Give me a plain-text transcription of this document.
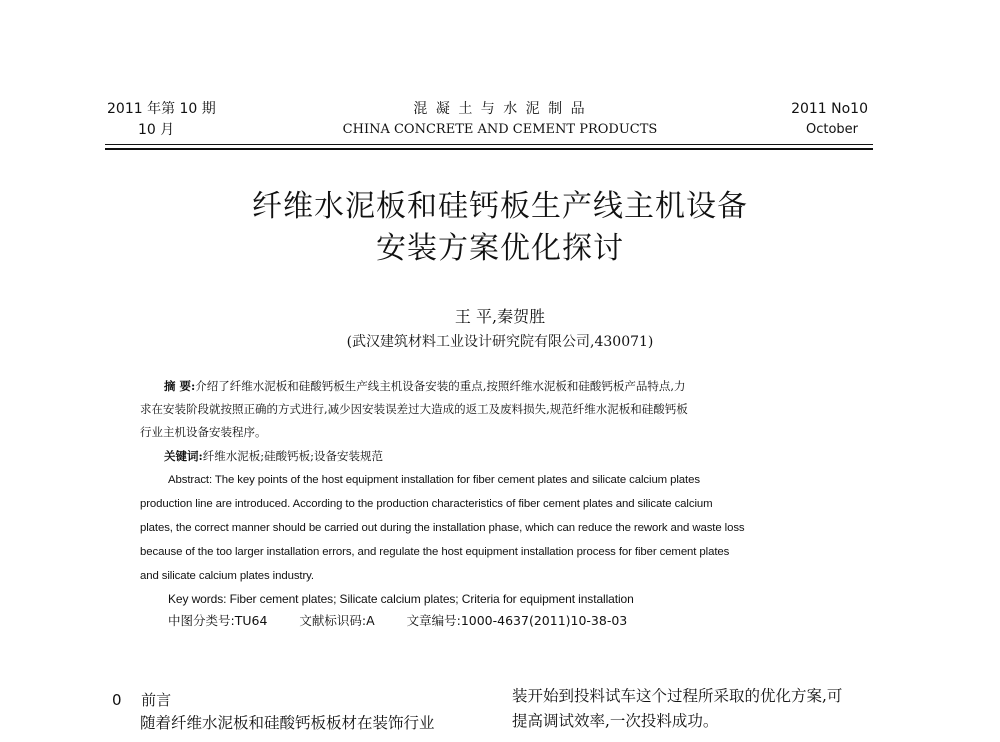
2011 年第 10 期
10 月
混 凝 土 与 水 泥 制 品
CHINA CONCRETE AND CEMENT PRODUCTS
2011 No10
October
纤维水泥板和硅钙板生产线主机设备
安装方案优化探讨
王 平,秦贺胜
(武汉建筑材料工业设计研究院有限公司,430071)
摘 要:介绍了纤维水泥板和硅酸钙板生产线主机设备安装的重点,按照纤维水泥板和硅酸钙板产品特点,力
求在安装阶段就按照正确的方式进行,减少因安装误差过大造成的返工及废料损失,规范纤维水泥板和硅酸钙板
行业主机设备安装程序。
关键词:纤维水泥板;硅酸钙板;设备安装规范
Abstract: The key points of the host equipment installation for fiber cement plates and silicate calcium plates
production line are introduced. According to the production characteristics of fiber cement plates and silicate calcium
plates, the correct manner should be carried out during the installation phase, which can reduce the rework and waste loss
because of the too larger installation errors, and regulate the host equipment installation process for fiber cement plates
and silicate calcium plates industry.
Key words: Fiber cement plates; Silicate calcium plates; Criteria for equipment installation
中图分类号:TU64	文献标识码:A	文章编号:1000-4637(2011)10-38-03
0 前言
随着纤维水泥板和硅酸钙板板材在装饰行业
装开始到投料试车这个过程所采取的优化方案,可
提高调试效率,一次投料成功。
